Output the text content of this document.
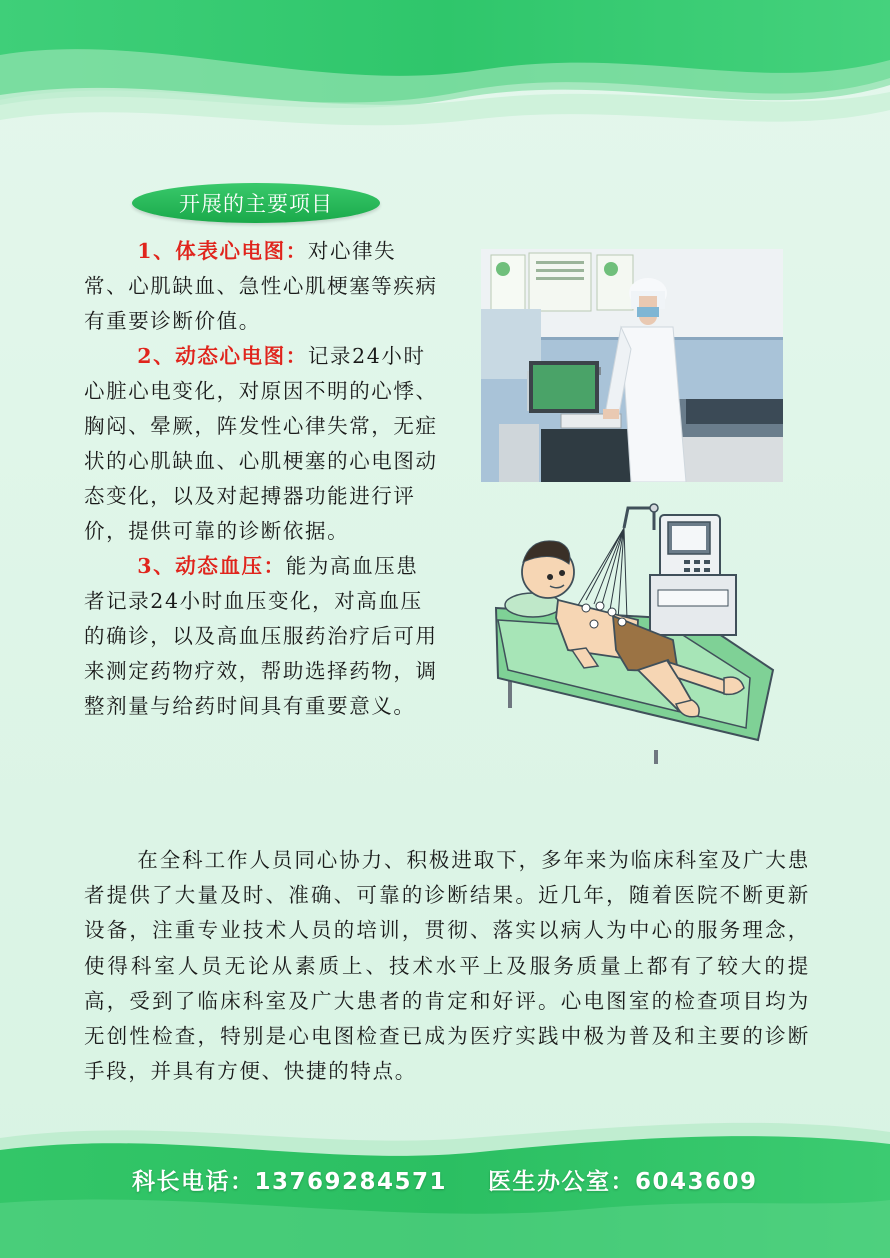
开展的主要项目

1、体表心电图：对心律失常、心肌缺血、急性心肌梗塞等疾病有重要诊断价值。

2、动态心电图：记录24小时心脏心电变化，对原因不明的心悸、胸闷、晕厥，阵发性心律失常，无症状的心肌缺血、心肌梗塞的心电图动态变化，以及对起搏器功能进行评价，提供可靠的诊断依据。

3、动态血压：能为高血压患者记录24小时血压变化，对高血压的确诊，以及高血压服药治疗后可用来测定药物疗效，帮助选择药物，调整剂量与给药时间具有重要意义。

在全科工作人员同心协力、积极进取下，多年来为临床科室及广大患者提供了大量及时、准确、可靠的诊断结果。近几年，随着医院不断更新设备，注重专业技术人员的培训，贯彻、落实以病人为中心的服务理念，使得科室人员无论从素质上、技术水平上及服务质量上都有了较大的提高，受到了临床科室及广大患者的肯定和好评。心电图室的检查项目均为无创性检查，特别是心电图检查已成为医疗实践中极为普及和主要的诊断手段，并具有方便、快捷的特点。

科长电话：13769284571 医生办公室：6043609
